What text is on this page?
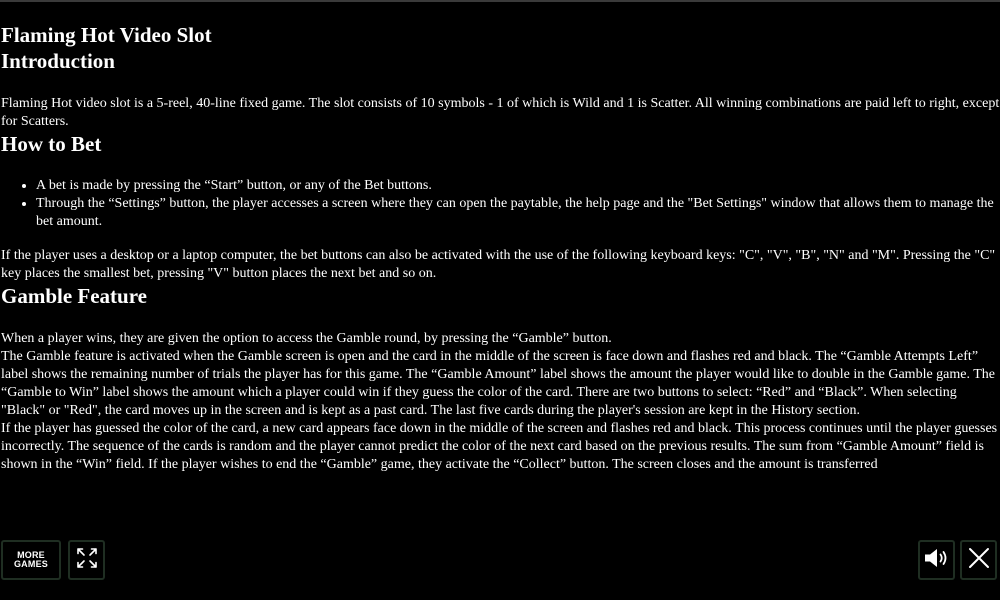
Flaming Hot Video Slot
Introduction

Flaming Hot video slot is a 5-reel, 40-line fixed game. The slot consists of 10 symbols - 1 of which is Wild and 1 is Scatter. All winning combinations are paid left to right, except for Scatters.

How to Bet
• A bet is made by pressing the “Start” button, or any of the Bet buttons.
• Through the “Settings” button, the player accesses a screen where they can open the paytable, the help page and the "Bet Settings" window that allows them to manage the bet amount.

If the player uses a desktop or a laptop computer, the bet buttons can also be activated with the use of the following keyboard keys: "C", "V", "B", "N" and "M". Pressing the "C" key places the smallest bet, pressing "V" button places the next bet and so on.

Gamble Feature

When a player wins, they are given the option to access the Gamble round, by pressing the “Gamble” button.

The Gamble feature is activated when the Gamble screen is open and the card in the middle of the screen is face down and flashes red and black. The “Gamble Attempts Left” label shows the remaining number of trials the player has for this game. The “Gamble Amount” label shows the amount the player would like to double in the Gamble game. The “Gamble to Win” label shows the amount which a player could win if they guess the color of the card. There are two buttons to select: “Red” and “Black”. When selecting "Black" or "Red", the card moves up in the screen and is kept as a past card. The last five cards during the player's session are kept in the History section.

If the player has guessed the color of the card, a new card appears face down in the middle of the screen and flashes red and black. This process continues until the player guesses incorrectly. The sequence of the cards is random and the player cannot predict the color of the next card based on the previous results. The sum from “Gamble Amount” field is shown in the “Win” field. If the player wishes to end the “Gamble” game, they activate the “Collect” button. The screen closes and the amount is transferred

MORE
GAMES
